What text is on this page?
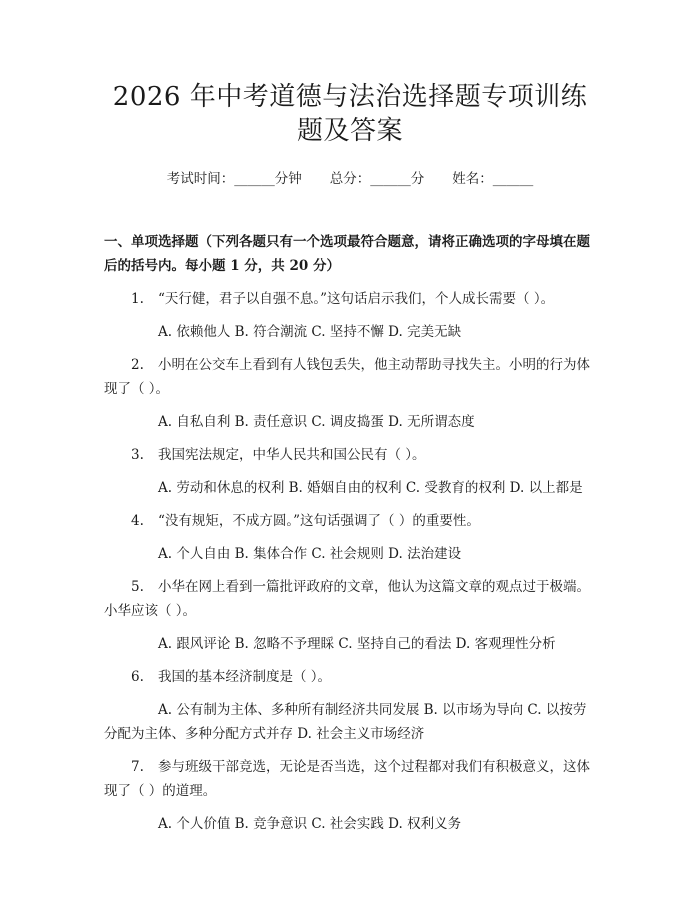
2026 年中考道德与法治选择题专项训练题及答案
考试时间：______分钟 总分：______分 姓名：______
一、单项选择题（下列各题只有一个选项最符合题意，请将正确选项的字母填在题后的括号内。每小题 1 分，共 20 分）
1. “天行健，君子以自强不息。”这句话启示我们，个人成长需要（ ）。
A. 依赖他人 B. 符合潮流 C. 坚持不懈 D. 完美无缺
2. 小明在公交车上看到有人钱包丢失，他主动帮助寻找失主。小明的行为体现了（ ）。
A. 自私自利 B. 责任意识 C. 调皮捣蛋 D. 无所谓态度
3. 我国宪法规定，中华人民共和国公民有（ ）。
A. 劳动和休息的权利 B. 婚姻自由的权利 C. 受教育的权利 D. 以上都是
4. “没有规矩，不成方圆。”这句话强调了（ ）的重要性。
A. 个人自由 B. 集体合作 C. 社会规则 D. 法治建设
5. 小华在网上看到一篇批评政府的文章，他认为这篇文章的观点过于极端。小华应该（ ）。
A. 跟风评论 B. 忽略不予理睬 C. 坚持自己的看法 D. 客观理性分析
6. 我国的基本经济制度是（ ）。
A. 公有制为主体、多种所有制经济共同发展 B. 以市场为导向 C. 以按劳分配为主体、多种分配方式并存 D. 社会主义市场经济
7. 参与班级干部竞选，无论是否当选，这个过程都对我们有积极意义，这体现了（ ）的道理。
A. 个人价值 B. 竞争意识 C. 社会实践 D. 权利义务
